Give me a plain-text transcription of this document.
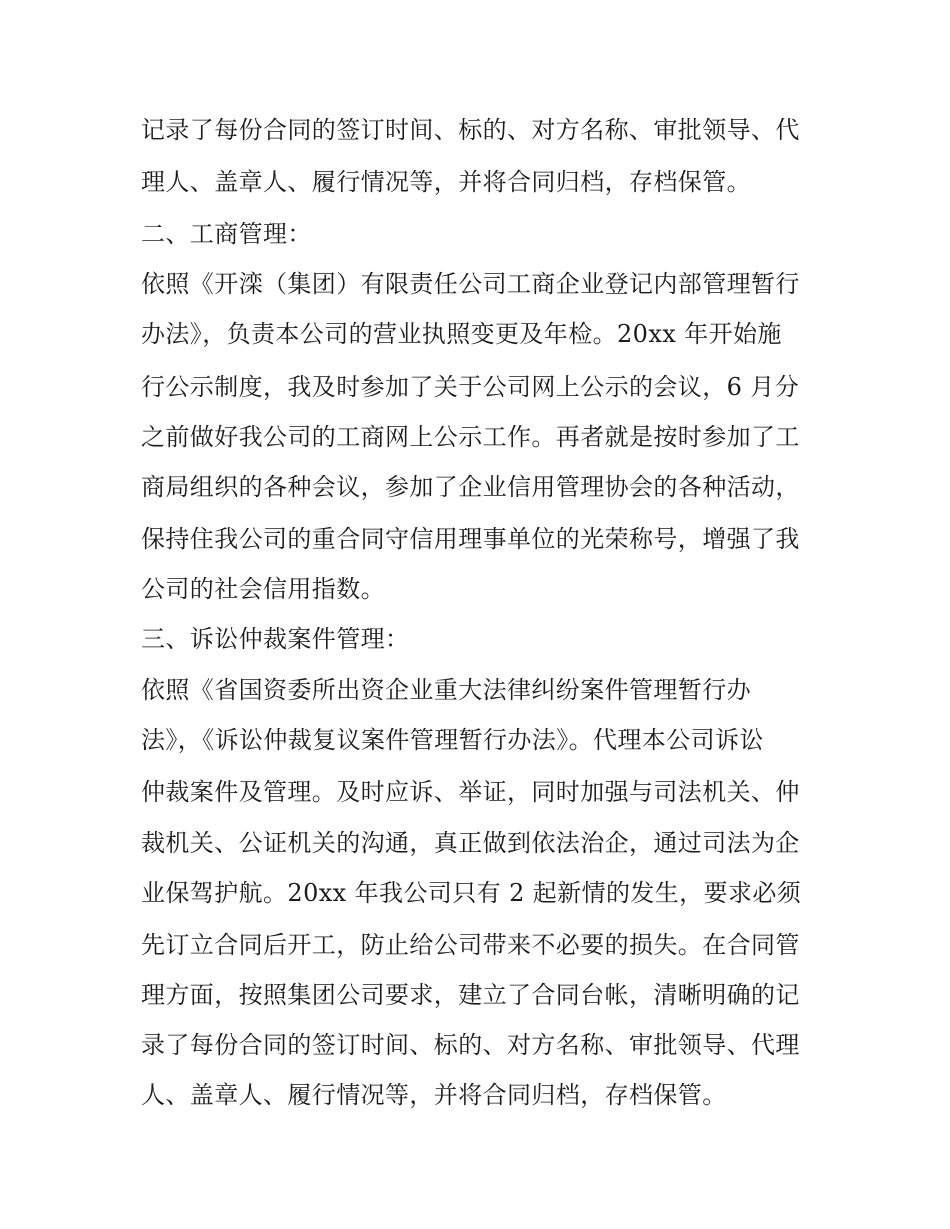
记录了每份合同的签订时间、标的、对方名称、审批领导、代
理人、盖章人、履行情况等，并将合同归档，存档保管。
二、工商管理：
依照《开滦（集团）有限责任公司工商企业登记内部管理暂行
办法》，负责本公司的营业执照变更及年检。20xx 年开始施
行公示制度，我及时参加了关于公司网上公示的会议，6 月分
之前做好我公司的工商网上公示工作。再者就是按时参加了工
商局组织的各种会议，参加了企业信用管理协会的各种活动，
保持住我公司的重合同守信用理事单位的光荣称号，增强了我
公司的社会信用指数。
三、诉讼仲裁案件管理：
依照《省国资委所出资企业重大法律纠纷案件管理暂行办
法》，《诉讼仲裁复议案件管理暂行办法》。代理本公司诉讼
仲裁案件及管理。及时应诉、举证，同时加强与司法机关、仲
裁机关、公证机关的沟通，真正做到依法治企，通过司法为企
业保驾护航。20xx 年我公司只有 2 起新情的发生，要求必须
先订立合同后开工，防止给公司带来不必要的损失。在合同管
理方面，按照集团公司要求，建立了合同台帐，清晰明确的记
录了每份合同的签订时间、标的、对方名称、审批领导、代理
人、盖章人、履行情况等，并将合同归档，存档保管。
